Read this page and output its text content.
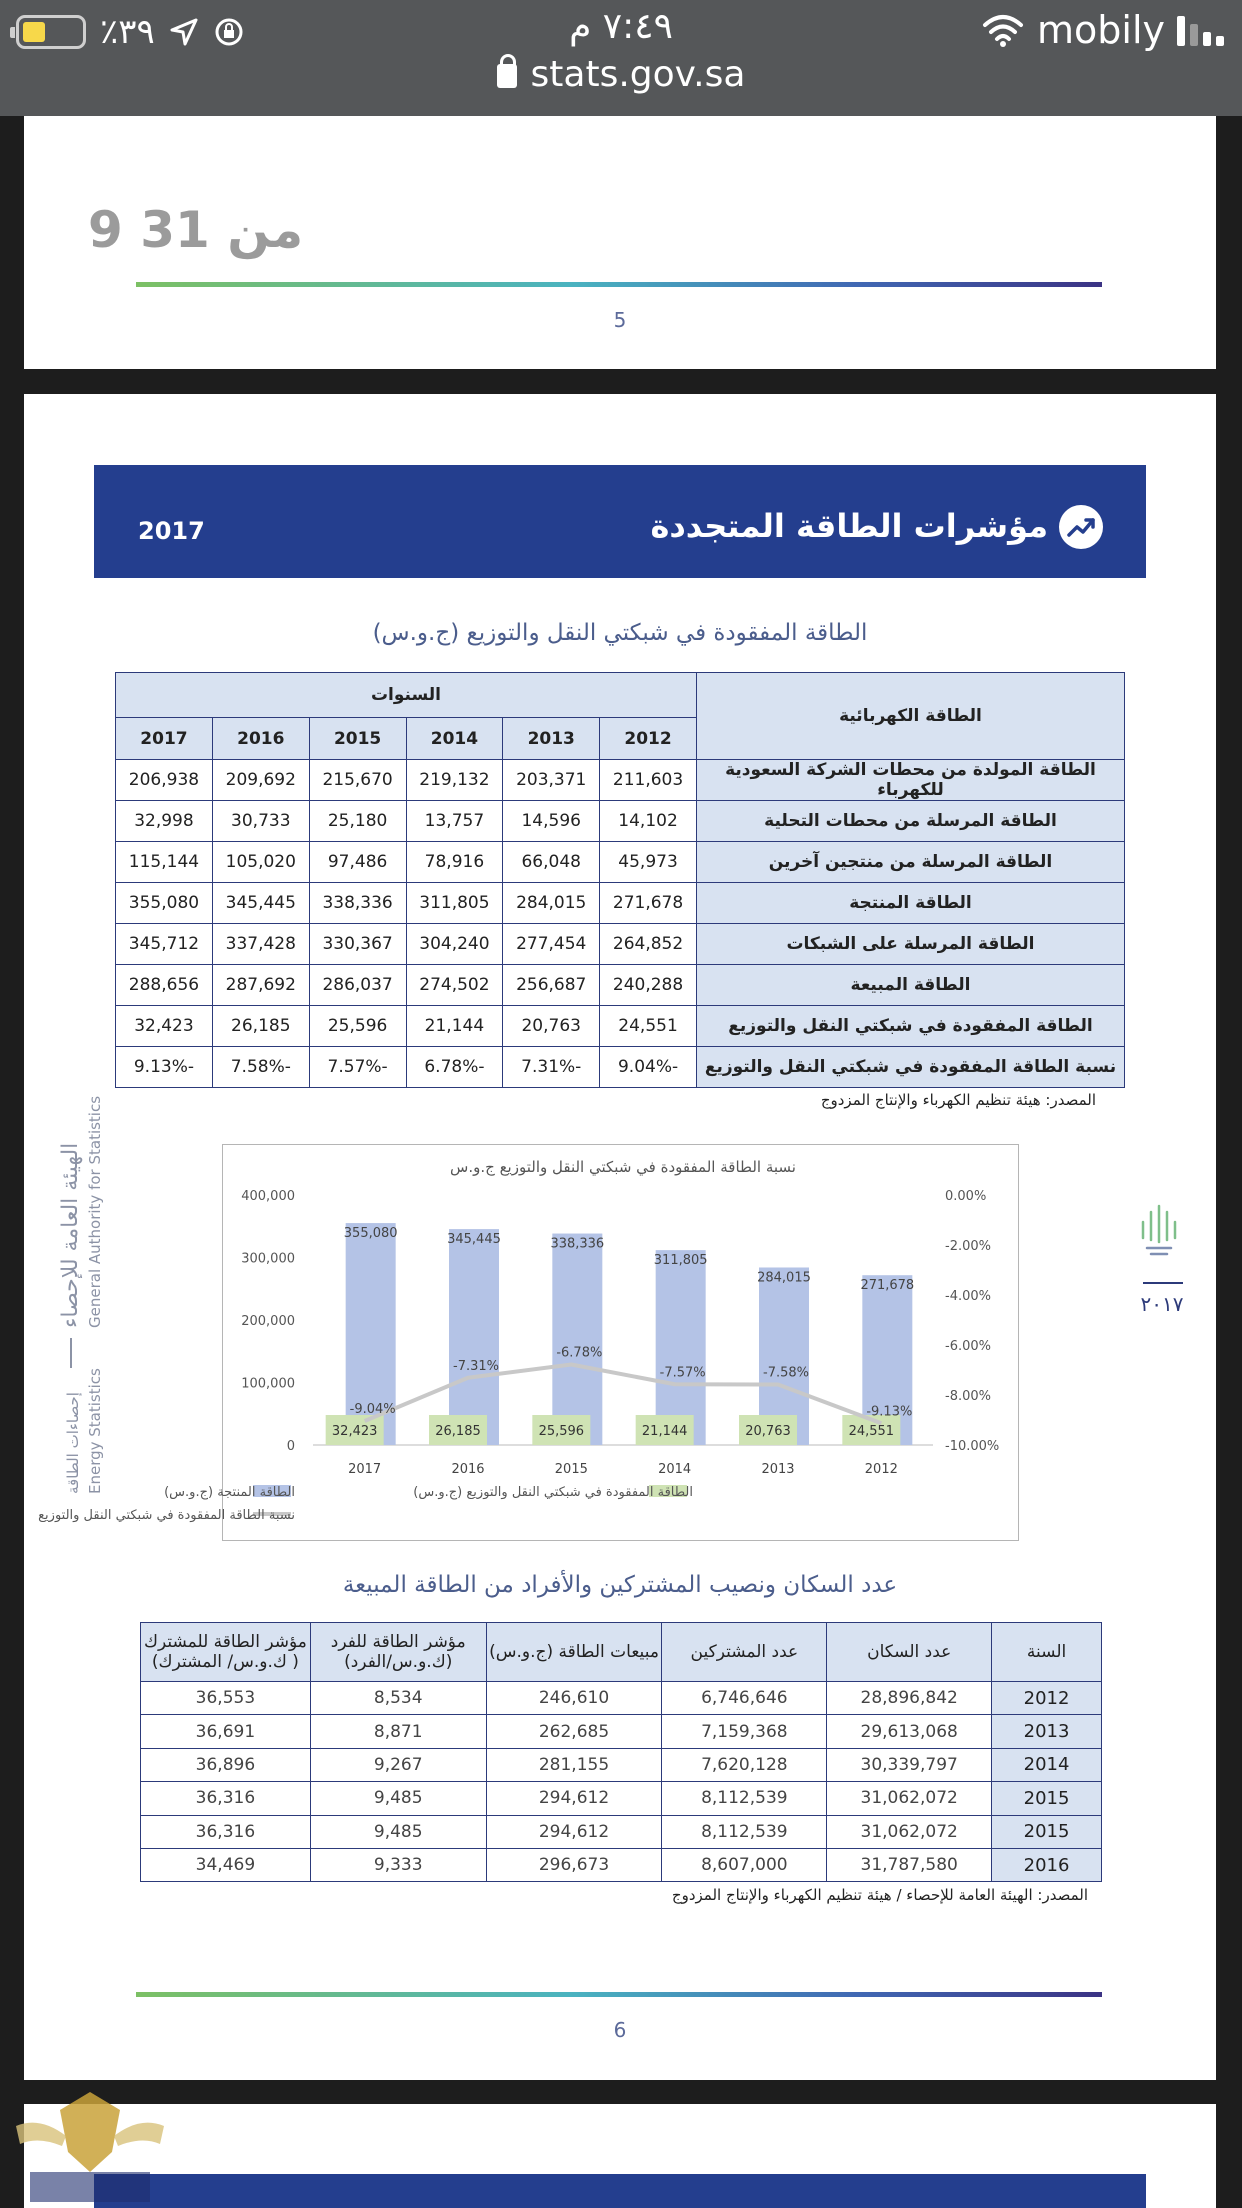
٪٣٩	٧:٤٩ م	mobily
stats.gov.sa
9 من 31
5
2017	مؤشرات الطاقة المتجددة
الطاقة المفقودة في شبكتي النقل والتوزيع (ج.و.س)
الطاقة الكهربائية	السنوات					
	2012	2013	2014	2015	2016	2017
الطاقة المولدة من محطات الشركة السعودية للكهرباء	211,603	203,371	219,132	215,670	209,692	206,938
الطاقة المرسلة من محطات التحلية	14,102	14,596	13,757	25,180	30,733	32,998
الطاقة المرسلة من منتجين آخرين	45,973	66,048	78,916	97,486	105,020	115,144
الطاقة المنتجة	271,678	284,015	311,805	338,336	345,445	355,080
الطاقة المرسلة على الشبكات	264,852	277,454	304,240	330,367	337,428	345,712
الطاقة المبيعة	240,288	256,687	274,502	286,037	287,692	288,656
الطاقة المفقودة في شبكتي النقل والتوزيع	24,551	20,763	21,144	25,596	26,185	32,423
نسبة الطاقة المفقودة في شبكتي النقل والتوزيع	-9.04%	-7.31%	-6.78%	-7.57%	-7.58%	-9.13%
المصدر: هيئة تنظيم الكهرباء والإنتاج المزدوج
الهيئة العامة للإحصاء General Authority for Statistics
إحصاءات الطاقة Energy Statistics
٢٠١٧
نسبة الطاقة المفقودة في شبكتي النقل والتوزيع ج.و.س
0
100,000
200,000
300,000
400,000
-10.00%
-8.00%
-6.00%
-4.00%
-2.00%
0.00%
355,080	345,445	338,336
311,805
284,015
271,678
32,423	26,185	25,596	21,144	20,763	24,551
-9.04%
-7.31%
-6.78%
-7.57%	-7.58%
-9.13%
2017	2016	2015	2014	2013	2012
الطاقة المنتجة (ج.و.س)	الطاقة المفقودة في شبكتي النقل والتوزيع (ج.و.س)
نسبة الطاقة المفقودة في شبكتي النقل والتوزيع
عدد السكان ونصيب المشتركين والأفراد من الطاقة المبيعة
السنة	عدد السكان	عدد المشتركين	مبيعات الطاقة (ج.و.س)	مؤشر الطاقة للفرد (ك.و.س/الفرد)	مؤشر الطاقة للمشترك ( ك.و.س/ المشترك)
2012	28,896,842	6,746,646	246,610	8,534	36,553
2013	29,613,068	7,159,368	262,685	8,871	36,691
2014	30,339,797	7,620,128	281,155	9,267	36,896
2015	31,062,072	8,112,539	294,612	9,485	36,316
2015	31,062,072	8,112,539	294,612	9,485	36,316
2016	31,787,580	8,607,000	296,673	9,333	34,469
المصدر: الهيئة العامة للإحصاء / هيئة تنظيم الكهرباء والإنتاج المزدوج
6
